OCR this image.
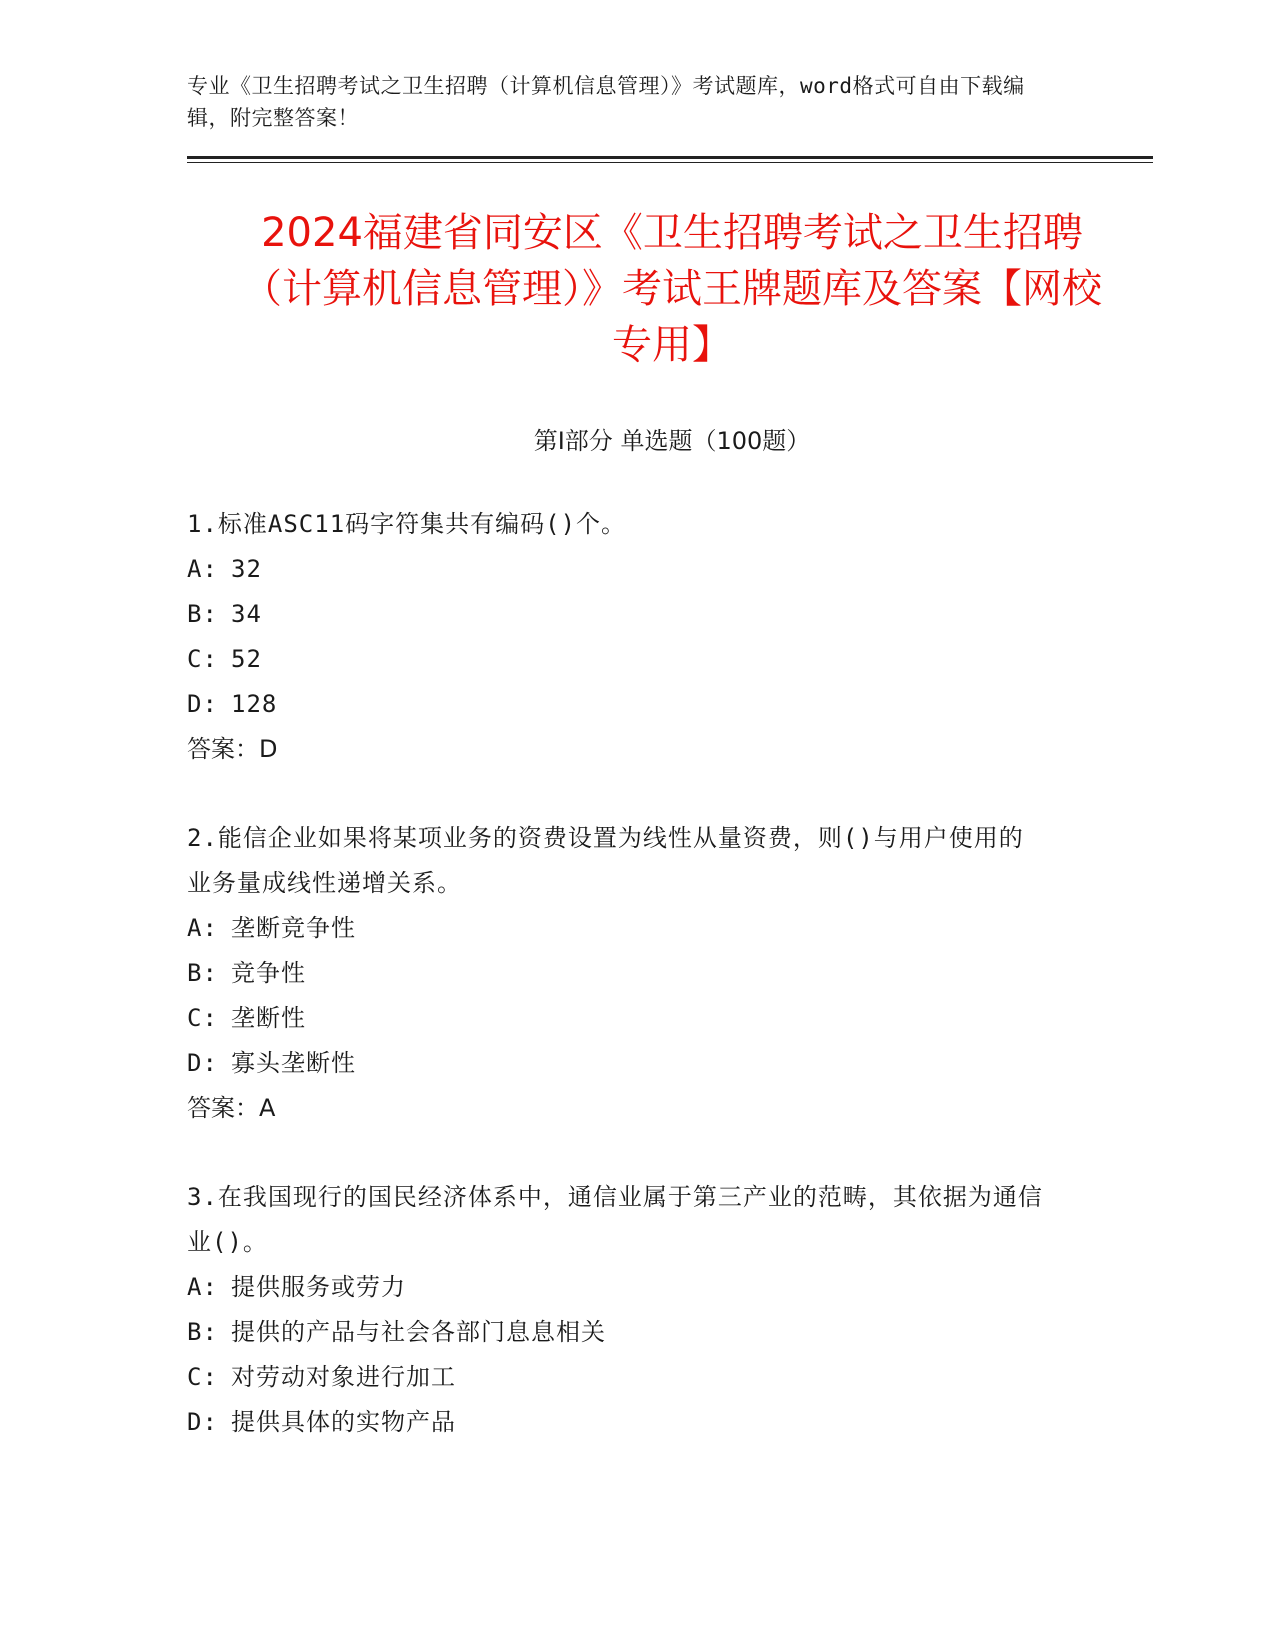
专业《卫生招聘考试之卫生招聘（计算机信息管理）》考试题库，word格式可自由下载编辑，附完整答案！

2024福建省同安区《卫生招聘考试之卫生招聘（计算机信息管理）》考试王牌题库及答案【网校专用】
第I部分 单选题（100题）
1.标准ASC11码字符集共有编码()个。
A: 32
B: 34
C: 52
D: 128
答案：D
2.能信企业如果将某项业务的资费设置为线性从量资费，则()与用户使用的业务量成线性递增关系。
A: 垄断竞争性
B: 竞争性
C: 垄断性
D: 寡头垄断性
答案：A
3.在我国现行的国民经济体系中，通信业属于第三产业的范畴，其依据为通信业()。
A: 提供服务或劳力
B: 提供的产品与社会各部门息息相关
C: 对劳动对象进行加工
D: 提供具体的实物产品
